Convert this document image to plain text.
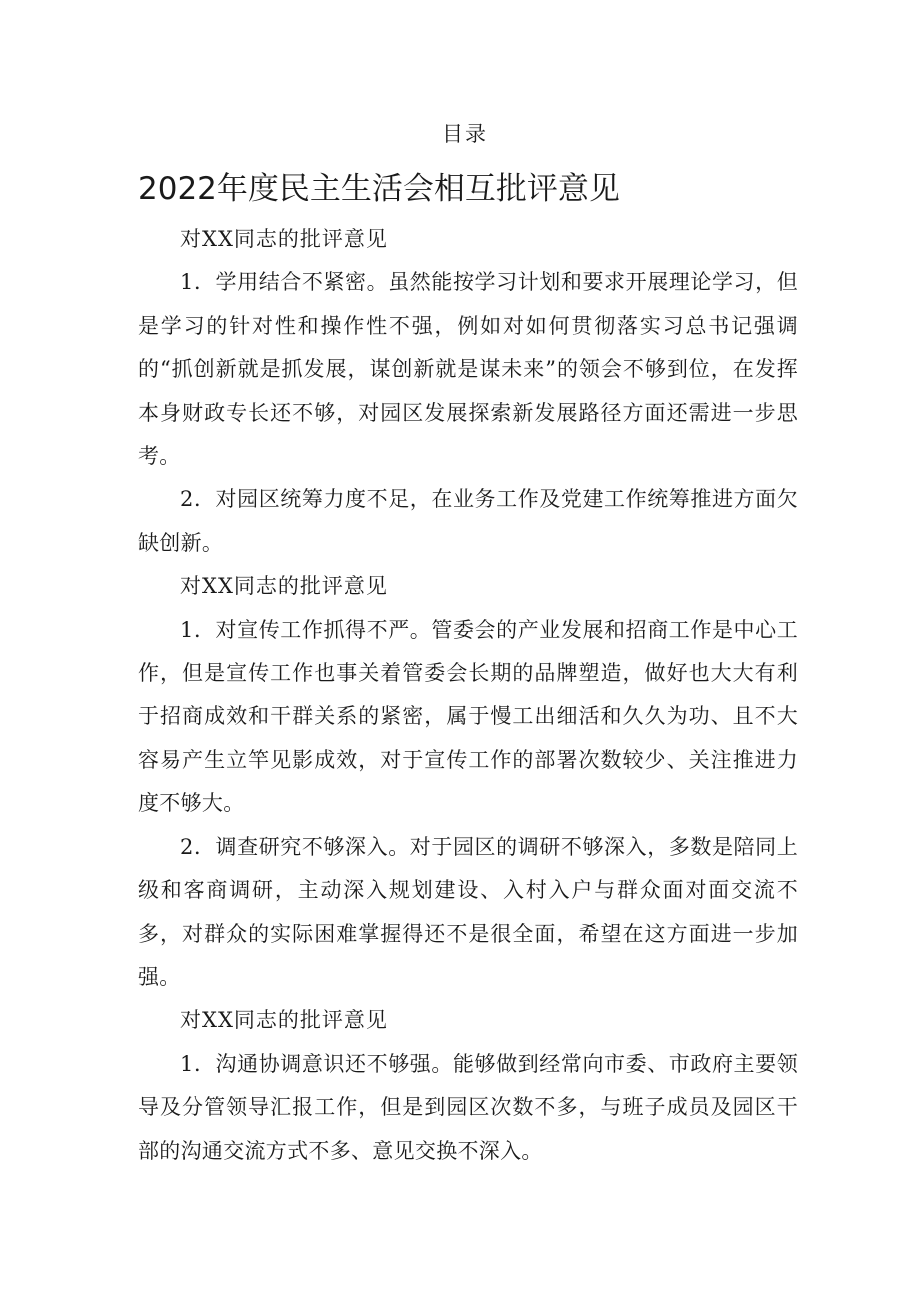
目录
2022年度民主生活会相互批评意见

对XX同志的批评意见

1．学用结合不紧密。虽然能按学习计划和要求开展理论学习，但是学习的针对性和操作性不强，例如对如何贯彻落实习总书记强调的“抓创新就是抓发展，谋创新就是谋未来”的领会不够到位，在发挥本身财政专长还不够，对园区发展探索新发展路径方面还需进一步思考。

2．对园区统筹力度不足，在业务工作及党建工作统筹推进方面欠缺创新。

对XX同志的批评意见

1．对宣传工作抓得不严。管委会的产业发展和招商工作是中心工作，但是宣传工作也事关着管委会长期的品牌塑造，做好也大大有利于招商成效和干群关系的紧密，属于慢工出细活和久久为功、且不大容易产生立竿见影成效，对于宣传工作的部署次数较少、关注推进力度不够大。

2．调查研究不够深入。对于园区的调研不够深入，多数是陪同上级和客商调研，主动深入规划建设、入村入户与群众面对面交流不多，对群众的实际困难掌握得还不是很全面，希望在这方面进一步加强。

对XX同志的批评意见

1．沟通协调意识还不够强。能够做到经常向市委、市政府主要领导及分管领导汇报工作，但是到园区次数不多，与班子成员及园区干部的沟通交流方式不多、意见交换不深入。
